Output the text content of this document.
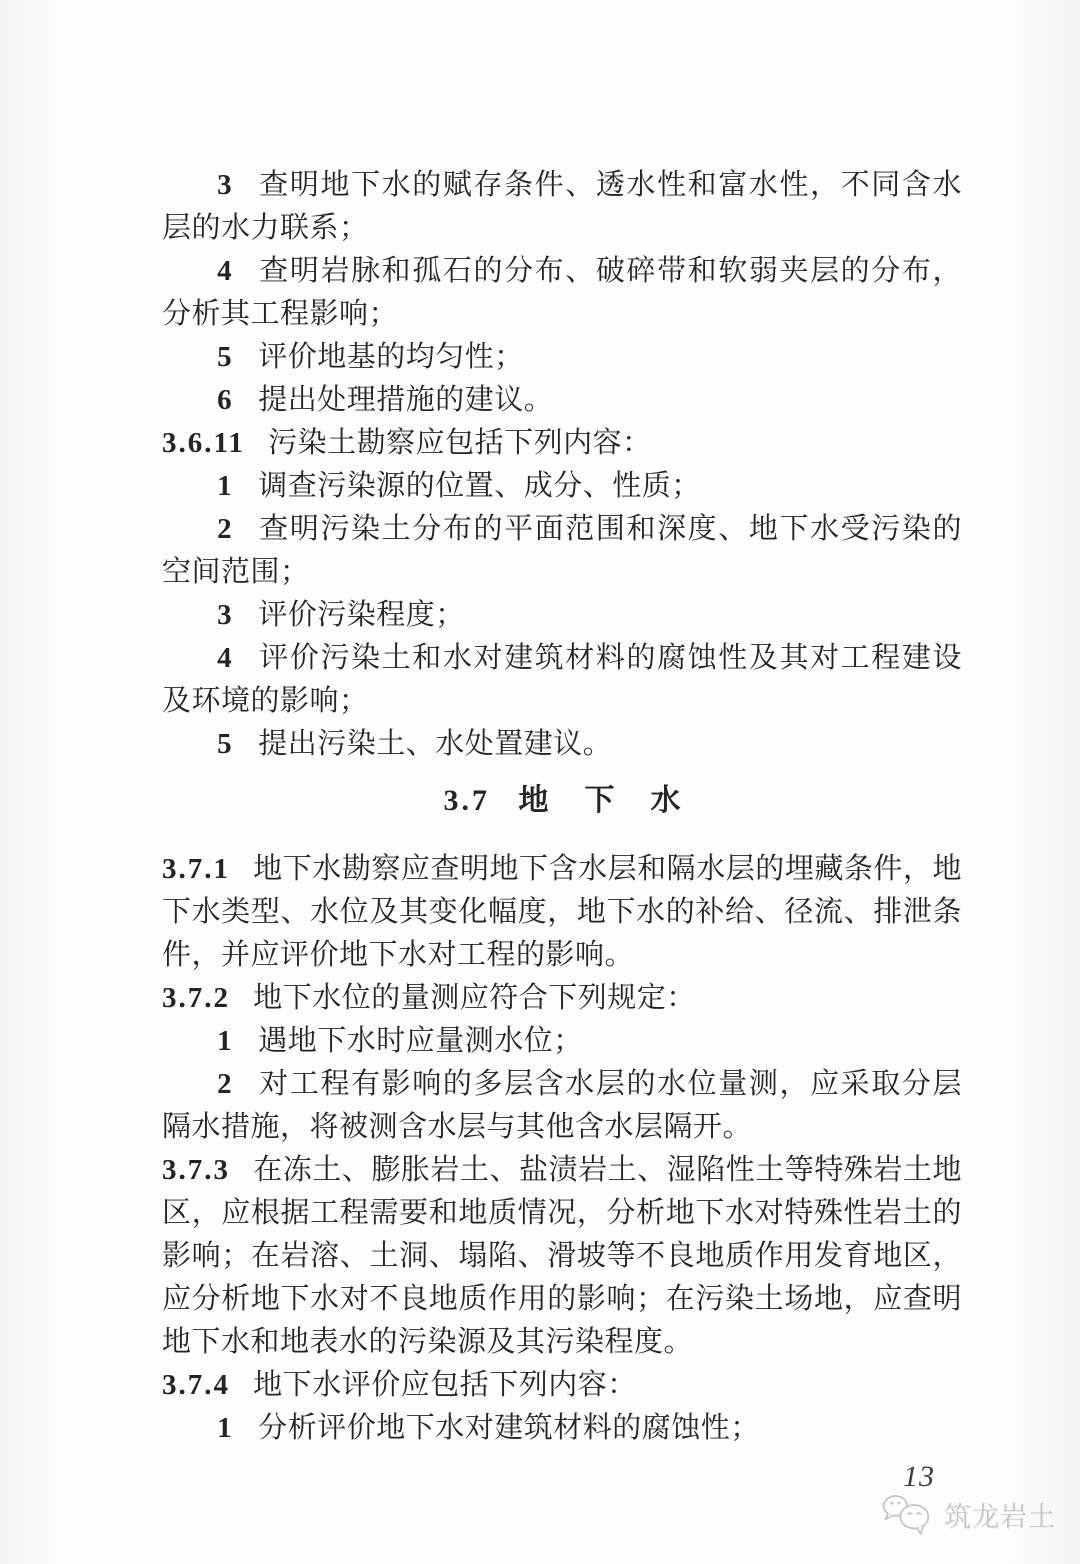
3 查明地下水的赋存条件、透水性和富水性，不同含水层的水力联系；

4 查明岩脉和孤石的分布、破碎带和软弱夹层的分布，分析其工程影响；

5 评价地基的均匀性；

6 提出处理措施的建议。

3.6.11 污染土勘察应包括下列内容：

1 调查污染源的位置、成分、性质；

2 查明污染土分布的平面范围和深度、地下水受污染的空间范围；

3 评价污染程度；

4 评价污染土和水对建筑材料的腐蚀性及其对工程建设及环境的影响；

5 提出污染土、水处置建议。

3.7 地下水

3.7.1 地下水勘察应查明地下含水层和隔水层的埋藏条件，地下水类型、水位及其变化幅度，地下水的补给、径流、排泄条件，并应评价地下水对工程的影响。

3.7.2 地下水位的量测应符合下列规定：

1 遇地下水时应量测水位；

2 对工程有影响的多层含水层的水位量测，应采取分层隔水措施，将被测含水层与其他含水层隔开。

3.7.3 在冻土、膨胀岩土、盐渍岩土、湿陷性土等特殊岩土地区，应根据工程需要和地质情况，分析地下水对特殊性岩土的影响；在岩溶、土洞、塌陷、滑坡等不良地质作用发育地区，应分析地下水对不良地质作用的影响；在污染土场地，应查明地下水和地表水的污染源及其污染程度。

3.7.4 地下水评价应包括下列内容：

1 分析评价地下水对建筑材料的腐蚀性；

13
筑龙岩土
